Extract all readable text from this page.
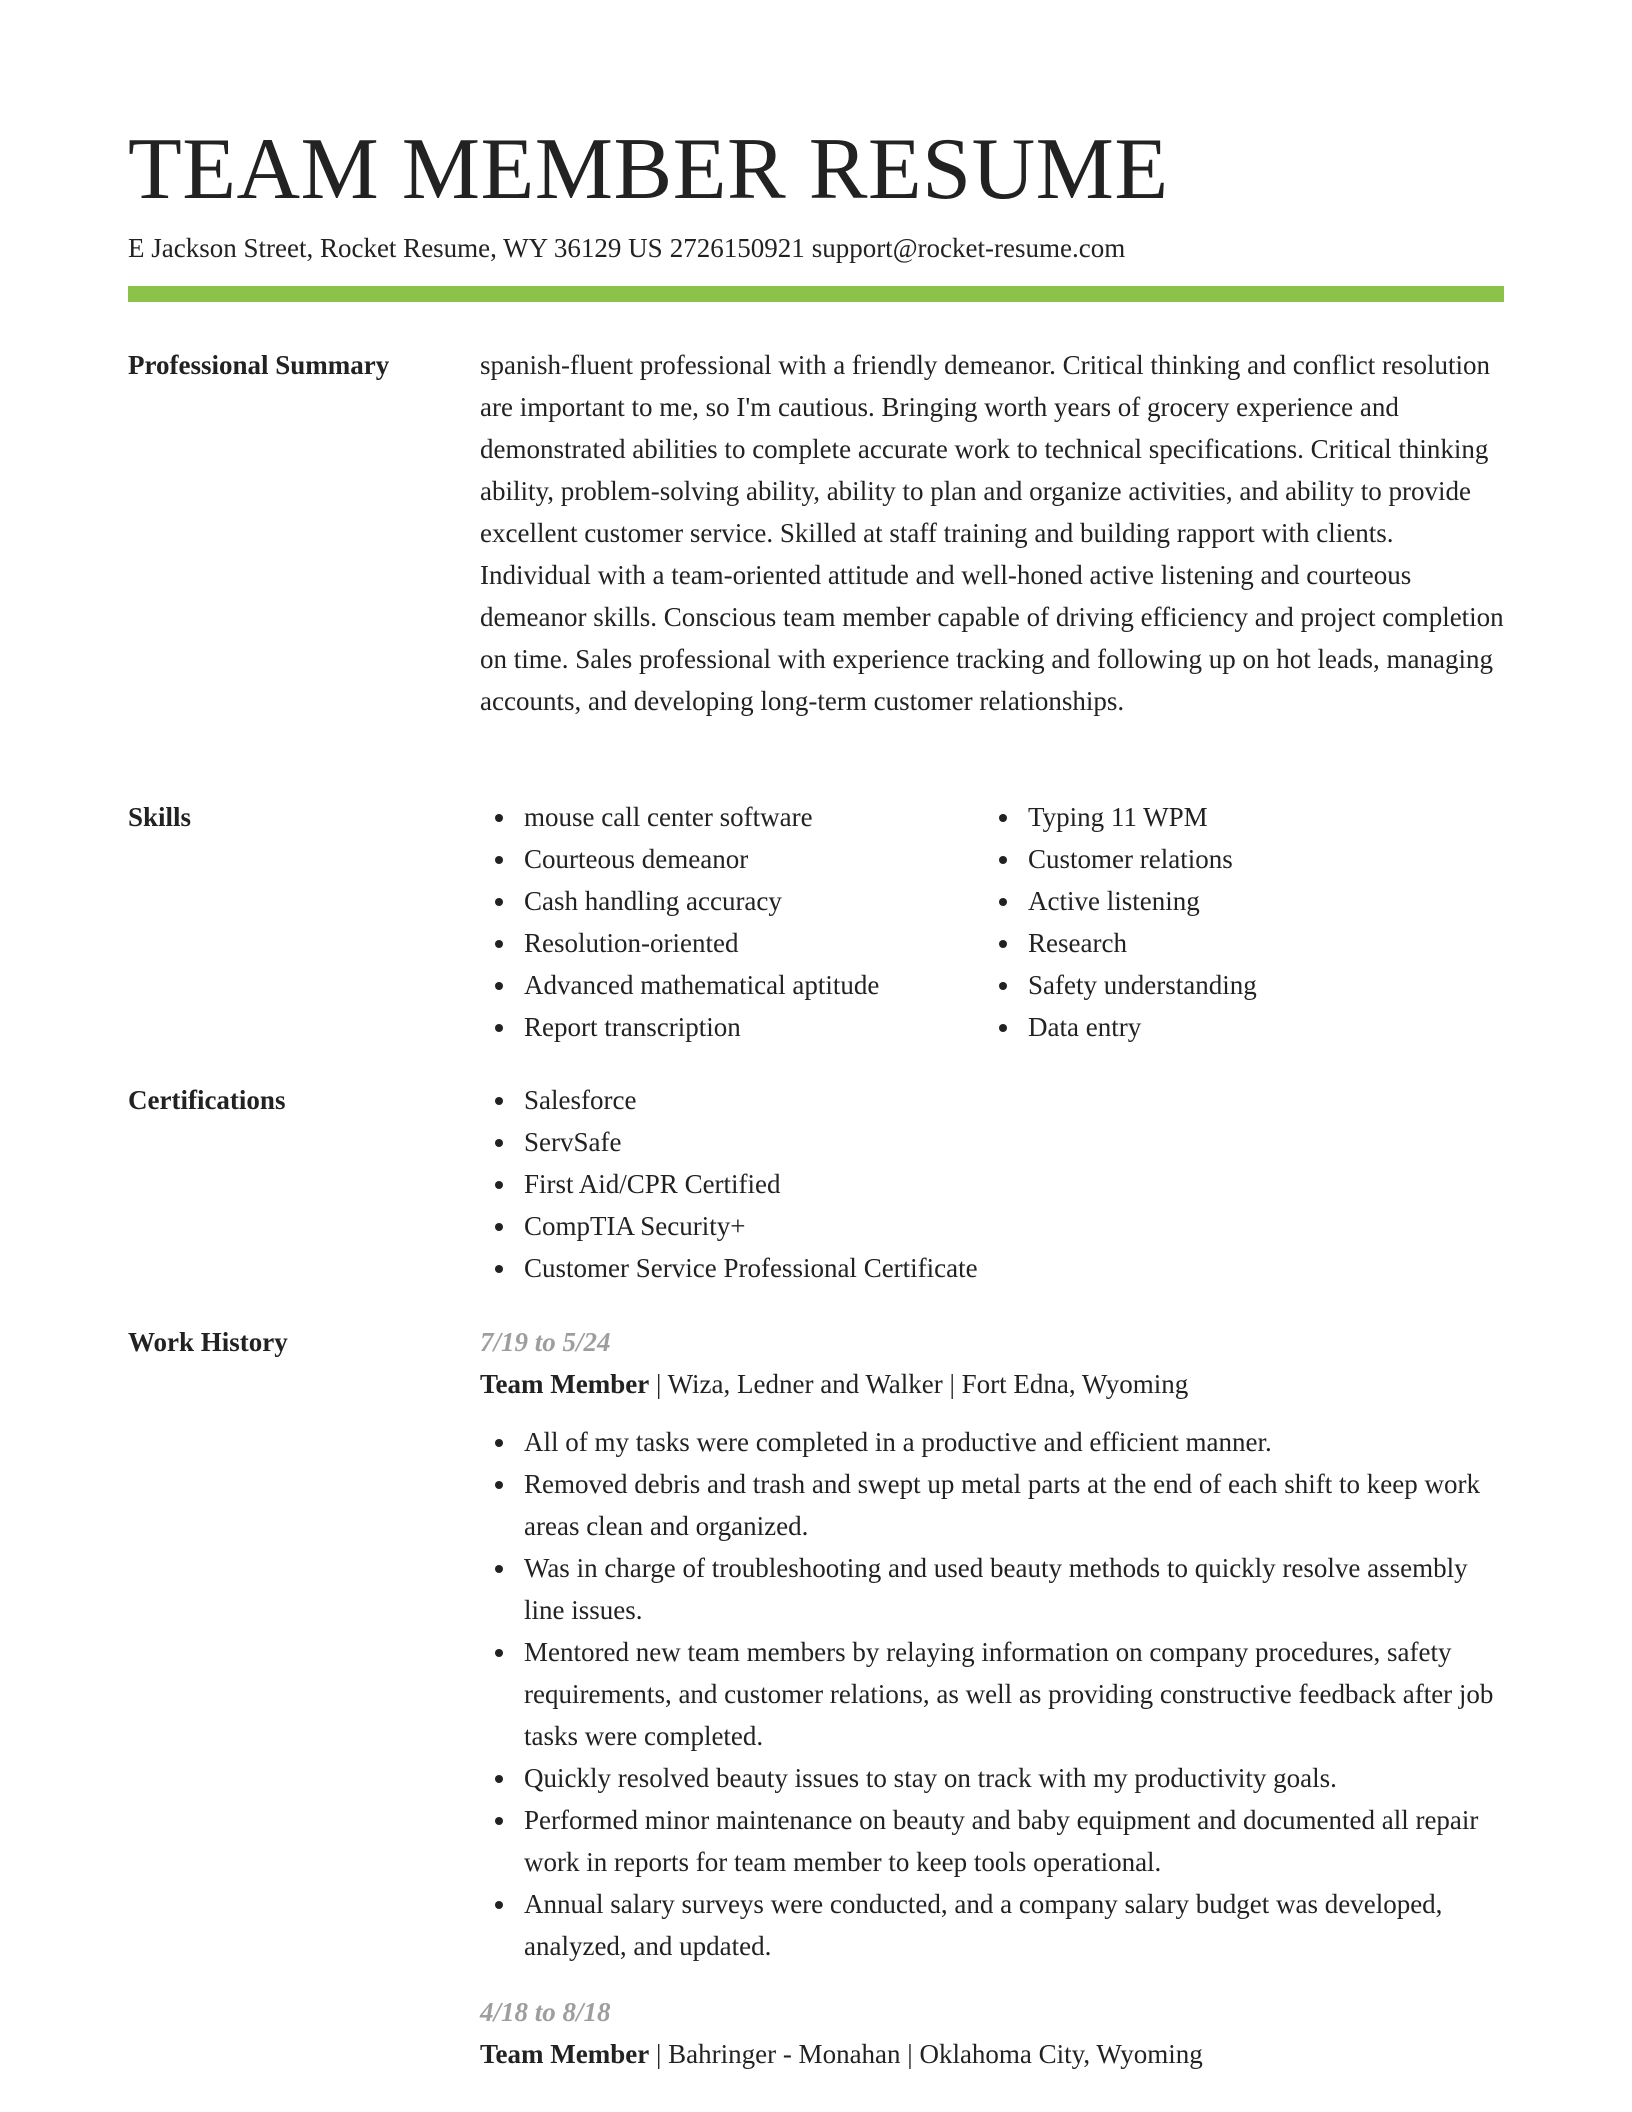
TEAM MEMBER RESUME
E Jackson Street, Rocket Resume, WY 36129 US 2726150921 support@rocket-resume.com
Professional Summary	spanish-fluent professional with a friendly demeanor. Critical thinking and conflict resolution are important to me, so I'm cautious. Bringing worth years of grocery experience and demonstrated abilities to complete accurate work to technical specifications. Critical thinking ability, problem-solving ability, ability to plan and organize activities, and ability to provide excellent customer service. Skilled at staff training and building rapport with clients. Individual with a team-oriented attitude and well-honed active listening and courteous demeanor skills. Conscious team member capable of driving efficiency and project completion on time. Sales professional with experience tracking and following up on hot leads, managing accounts, and developing long-term customer relationships.

Skills	mouse call center software
Courteous demeanor
Cash handling accuracy
Resolution-oriented
Advanced mathematical aptitude
Report transcription
Typing 11 WPM
Customer relations
Active listening
Research
Safety understanding
Data entry
Certifications	Salesforce
ServSafe
First Aid/CPR Certified
CompTIA Security+
Customer Service Professional Certificate
Work History	7/19 to 5/24
Team Member | Wiza, Ledner and Walker | Fort Edna, Wyoming
All of my tasks were completed in a productive and efficient manner.
Removed debris and trash and swept up metal parts at the end of each shift to keep work areas clean and organized.
Was in charge of troubleshooting and used beauty methods to quickly resolve assembly line issues.
Mentored new team members by relaying information on company procedures, safety requirements, and customer relations, as well as providing constructive feedback after job tasks were completed.
Quickly resolved beauty issues to stay on track with my productivity goals.
Performed minor maintenance on beauty and baby equipment and documented all repair work in reports for team member to keep tools operational.
Annual salary surveys were conducted, and a company salary budget was developed, analyzed, and updated.
4/18 to 8/18
Team Member | Bahringer - Monahan | Oklahoma City, Wyoming
